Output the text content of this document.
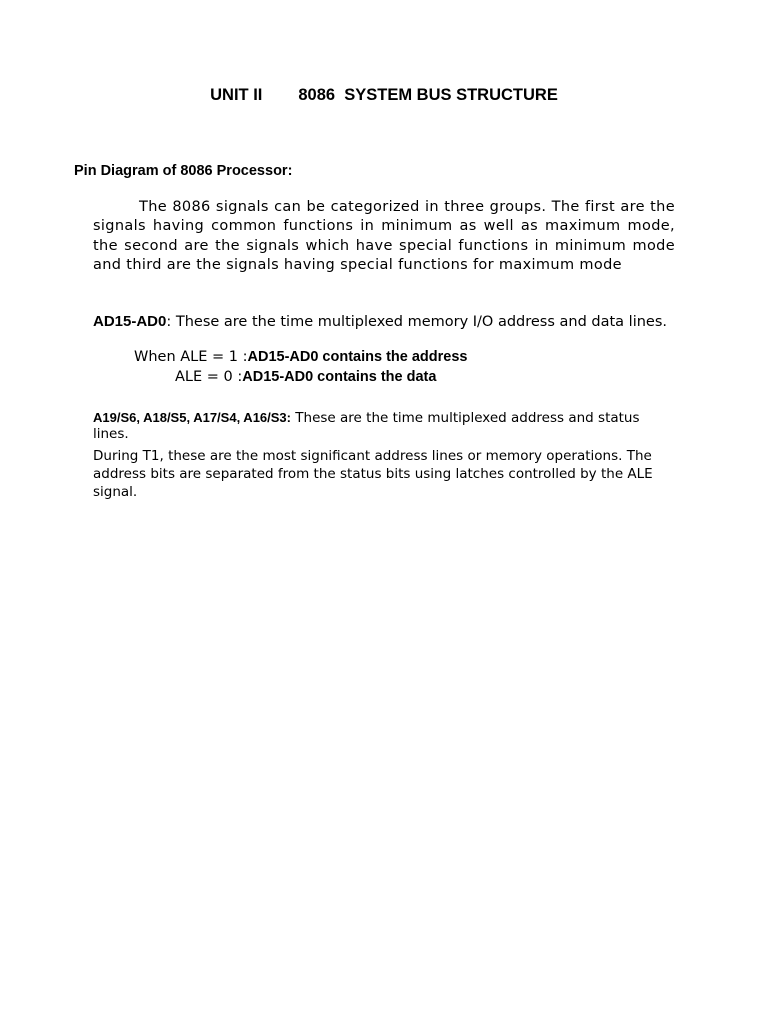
UNIT II 8086  SYSTEM BUS STRUCTURE
Pin Diagram of 8086 Processor:

The 8086 signals can be categorized in three groups. The first are the signals having common functions in minimum as well as maximum mode, the second are the signals which have special functions in minimum mode and third are the signals having special functions for maximum mode

AD15-AD0: These are the time multiplexed memory I/O address and data lines.
When ALE = 1 :AD15-AD0 contains the address
ALE = 0 :AD15-AD0 contains the data
A19/S6, A18/S5, A17/S4, A16/S3: These are the time multiplexed address and status lines.

During T1, these are the most significant address lines or memory operations. The address bits are separated from the status bits using latches controlled by the ALE signal.
